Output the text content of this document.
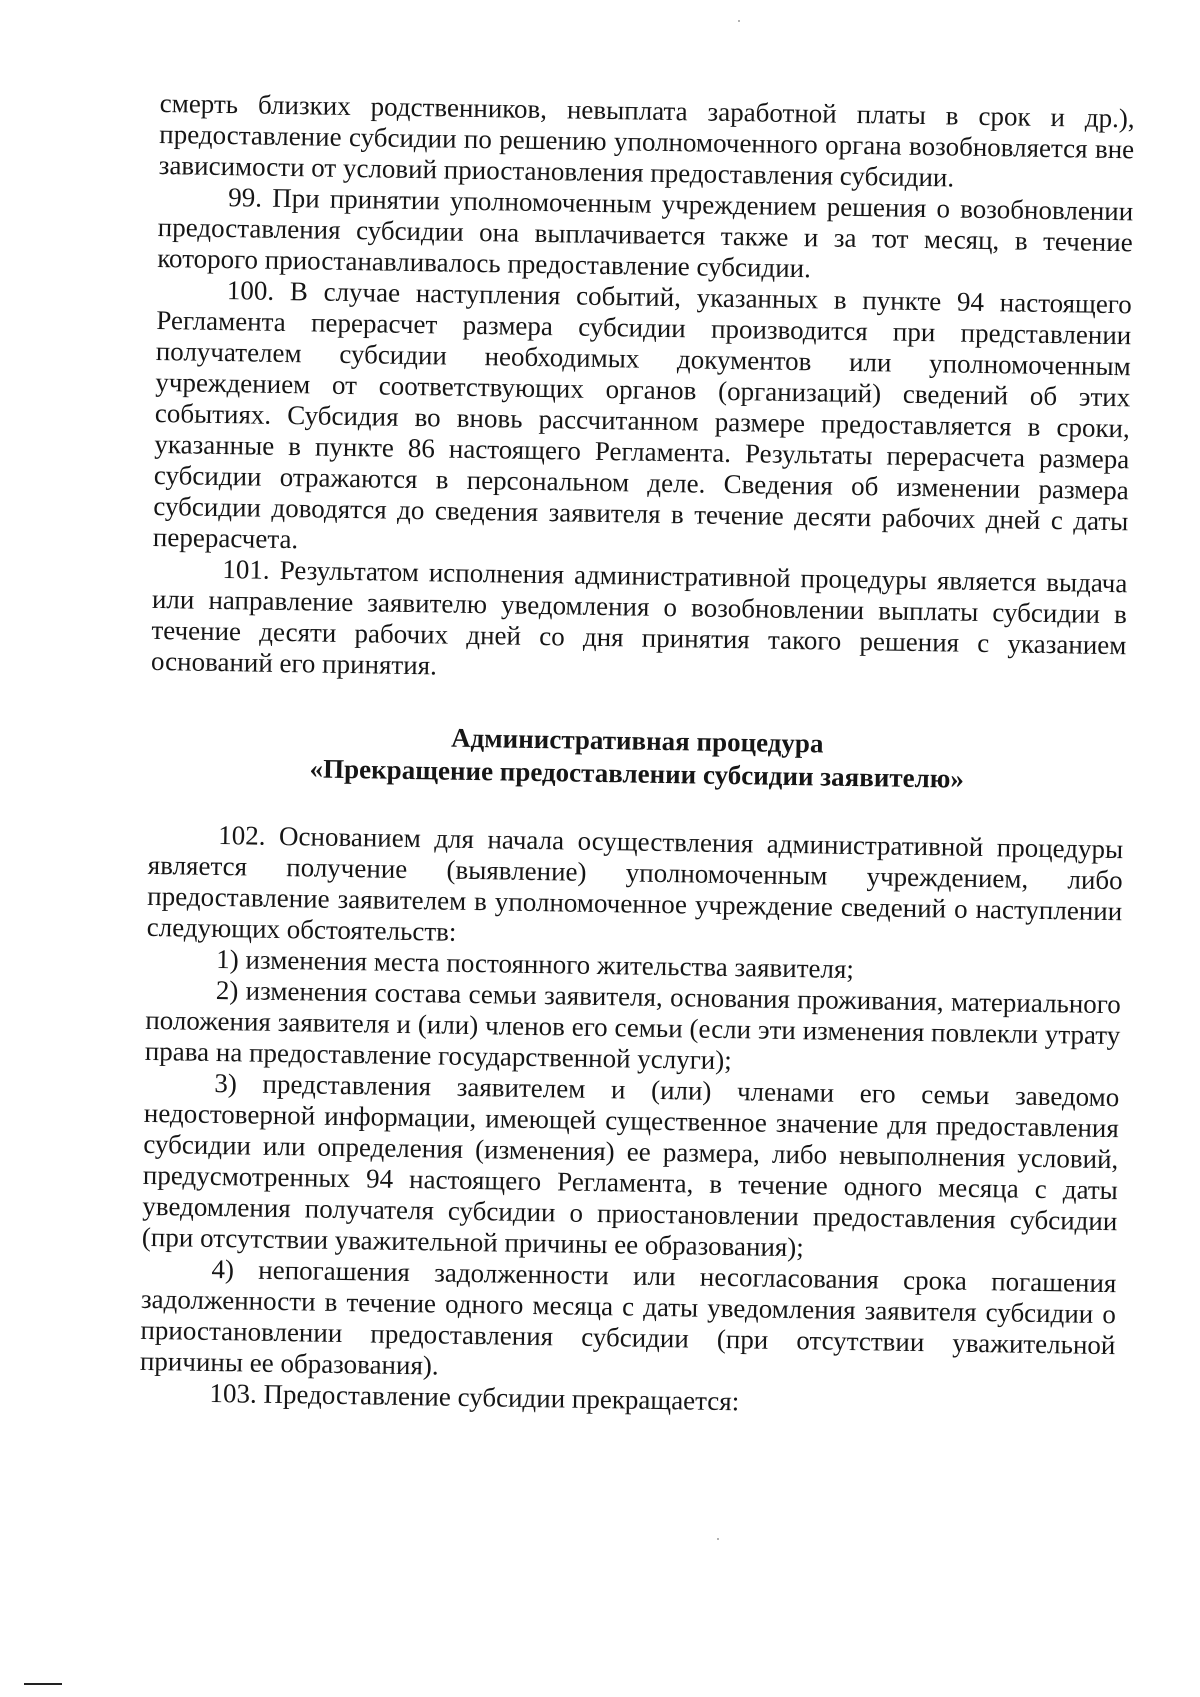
смерть близких родственников, невыплата заработной платы в срок и др.), предоставление субсидии по решению уполномоченного органа возобновляется вне зависимости от условий приостановления предоставления субсидии.

99. При принятии уполномоченным учреждением решения о возобновлении предоставления субсидии она выплачивается также и за тот месяц, в течение которого приостанавливалось предоставление субсидии.

100. В случае наступления событий, указанных в пункте 94 настоящего Регламента перерасчет размера субсидии производится при представлении получателем субсидии необходимых документов или уполномоченным учреждением от соответствующих органов (организаций) сведений об этих событиях. Субсидия во вновь рассчитанном размере предоставляется в сроки, указанные в пункте 86 настоящего Регламента. Результаты перерасчета размера субсидии отражаются в персональном деле. Сведения об изменении размера субсидии доводятся до сведения заявителя в течение десяти рабочих дней с даты перерасчета.

101. Результатом исполнения административной процедуры является выдача или направление заявителю уведомления о возобновлении выплаты субсидии в течение десяти рабочих дней со дня принятия такого решения с указанием оснований его принятия.

Административная процедура
«Прекращение предоставлении субсидии заявителю»

102. Основанием для начала осуществления административной процедуры является получение (выявление) уполномоченным учреждением, либо предоставление заявителем в уполномоченное учреждение сведений о наступлении следующих обстоятельств:

1) изменения места постоянного жительства заявителя;

2) изменения состава семьи заявителя, основания проживания, материального положения заявителя и (или) членов его семьи (если эти изменения повлекли утрату права на предоставление государственной услуги);

3) представления заявителем и (или) членами его семьи заведомо недостоверной информации, имеющей существенное значение для предоставления субсидии или определения (изменения) ее размера, либо невыполнения условий, предусмотренных 94 настоящего Регламента, в течение одного месяца с даты уведомления получателя субсидии о приостановлении предоставления субсидии (при отсутствии уважительной причины ее образования);

4) непогашения задолженности или несогласования срока погашения задолженности в течение одного месяца с даты уведомления заявителя субсидии о приостановлении предоставления субсидии (при отсутствии уважительной причины ее образования).

103. Предоставление субсидии прекращается:
